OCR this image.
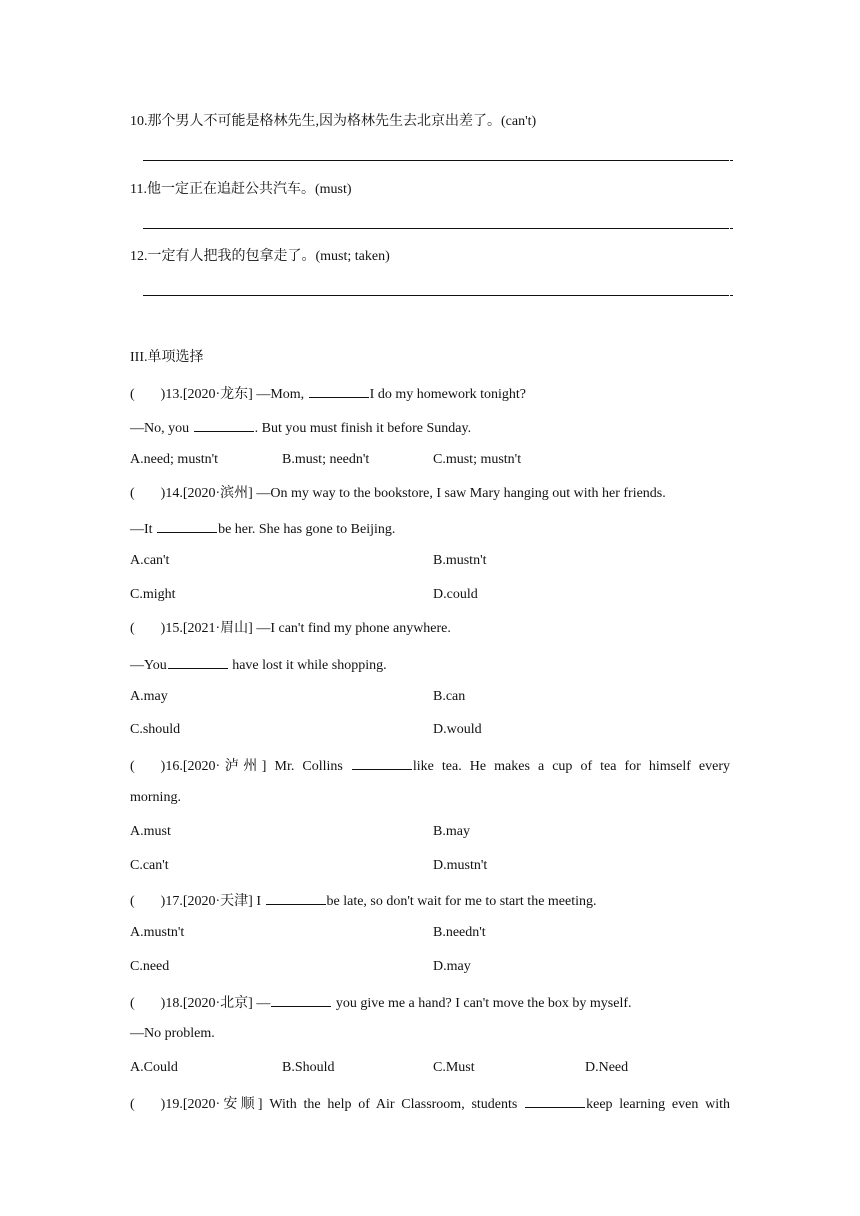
10.那个男人不可能是格林先生,因为格林先生去北京出差了。(can't)
11.他一定正在追赶公共汽车。(must)
12.一定有人把我的包拿走了。(must; taken)
III.单项选择
( )13.[2020·龙东] —Mom,	I do my homework tonight?
—No, you	. But you must finish it before Sunday.
A.need; mustn't	B.must; needn't	C.must; mustn't
( )14.[2020·滨州] —On my way to the bookstore, I saw Mary hanging out with her friends.
—It	be her. She has gone to Beijing.
A.can't	B.mustn't
C.might	D.could
( )15.[2021·眉山] —I can't find my phone anywhere.
—You	have lost it while shopping.
A.may	B.can
C.should	D.would
( )16.[2020·泸州] Mr. Collins	like tea. He makes a cup of tea for himself every
morning.
A.must	B.may
C.can't	D.mustn't
( )17.[2020·天津] I	be late, so don't wait for me to start the meeting.
A.mustn't	B.needn't
C.need	D.may
( )18.[2020·北京] —	you give me a hand? I can't move the box by myself.
—No problem.
A.Could	B.Should	C.Must	D.Need
( )19.[2020·安顺] With the help of Air Classroom, students	keep learning even with
